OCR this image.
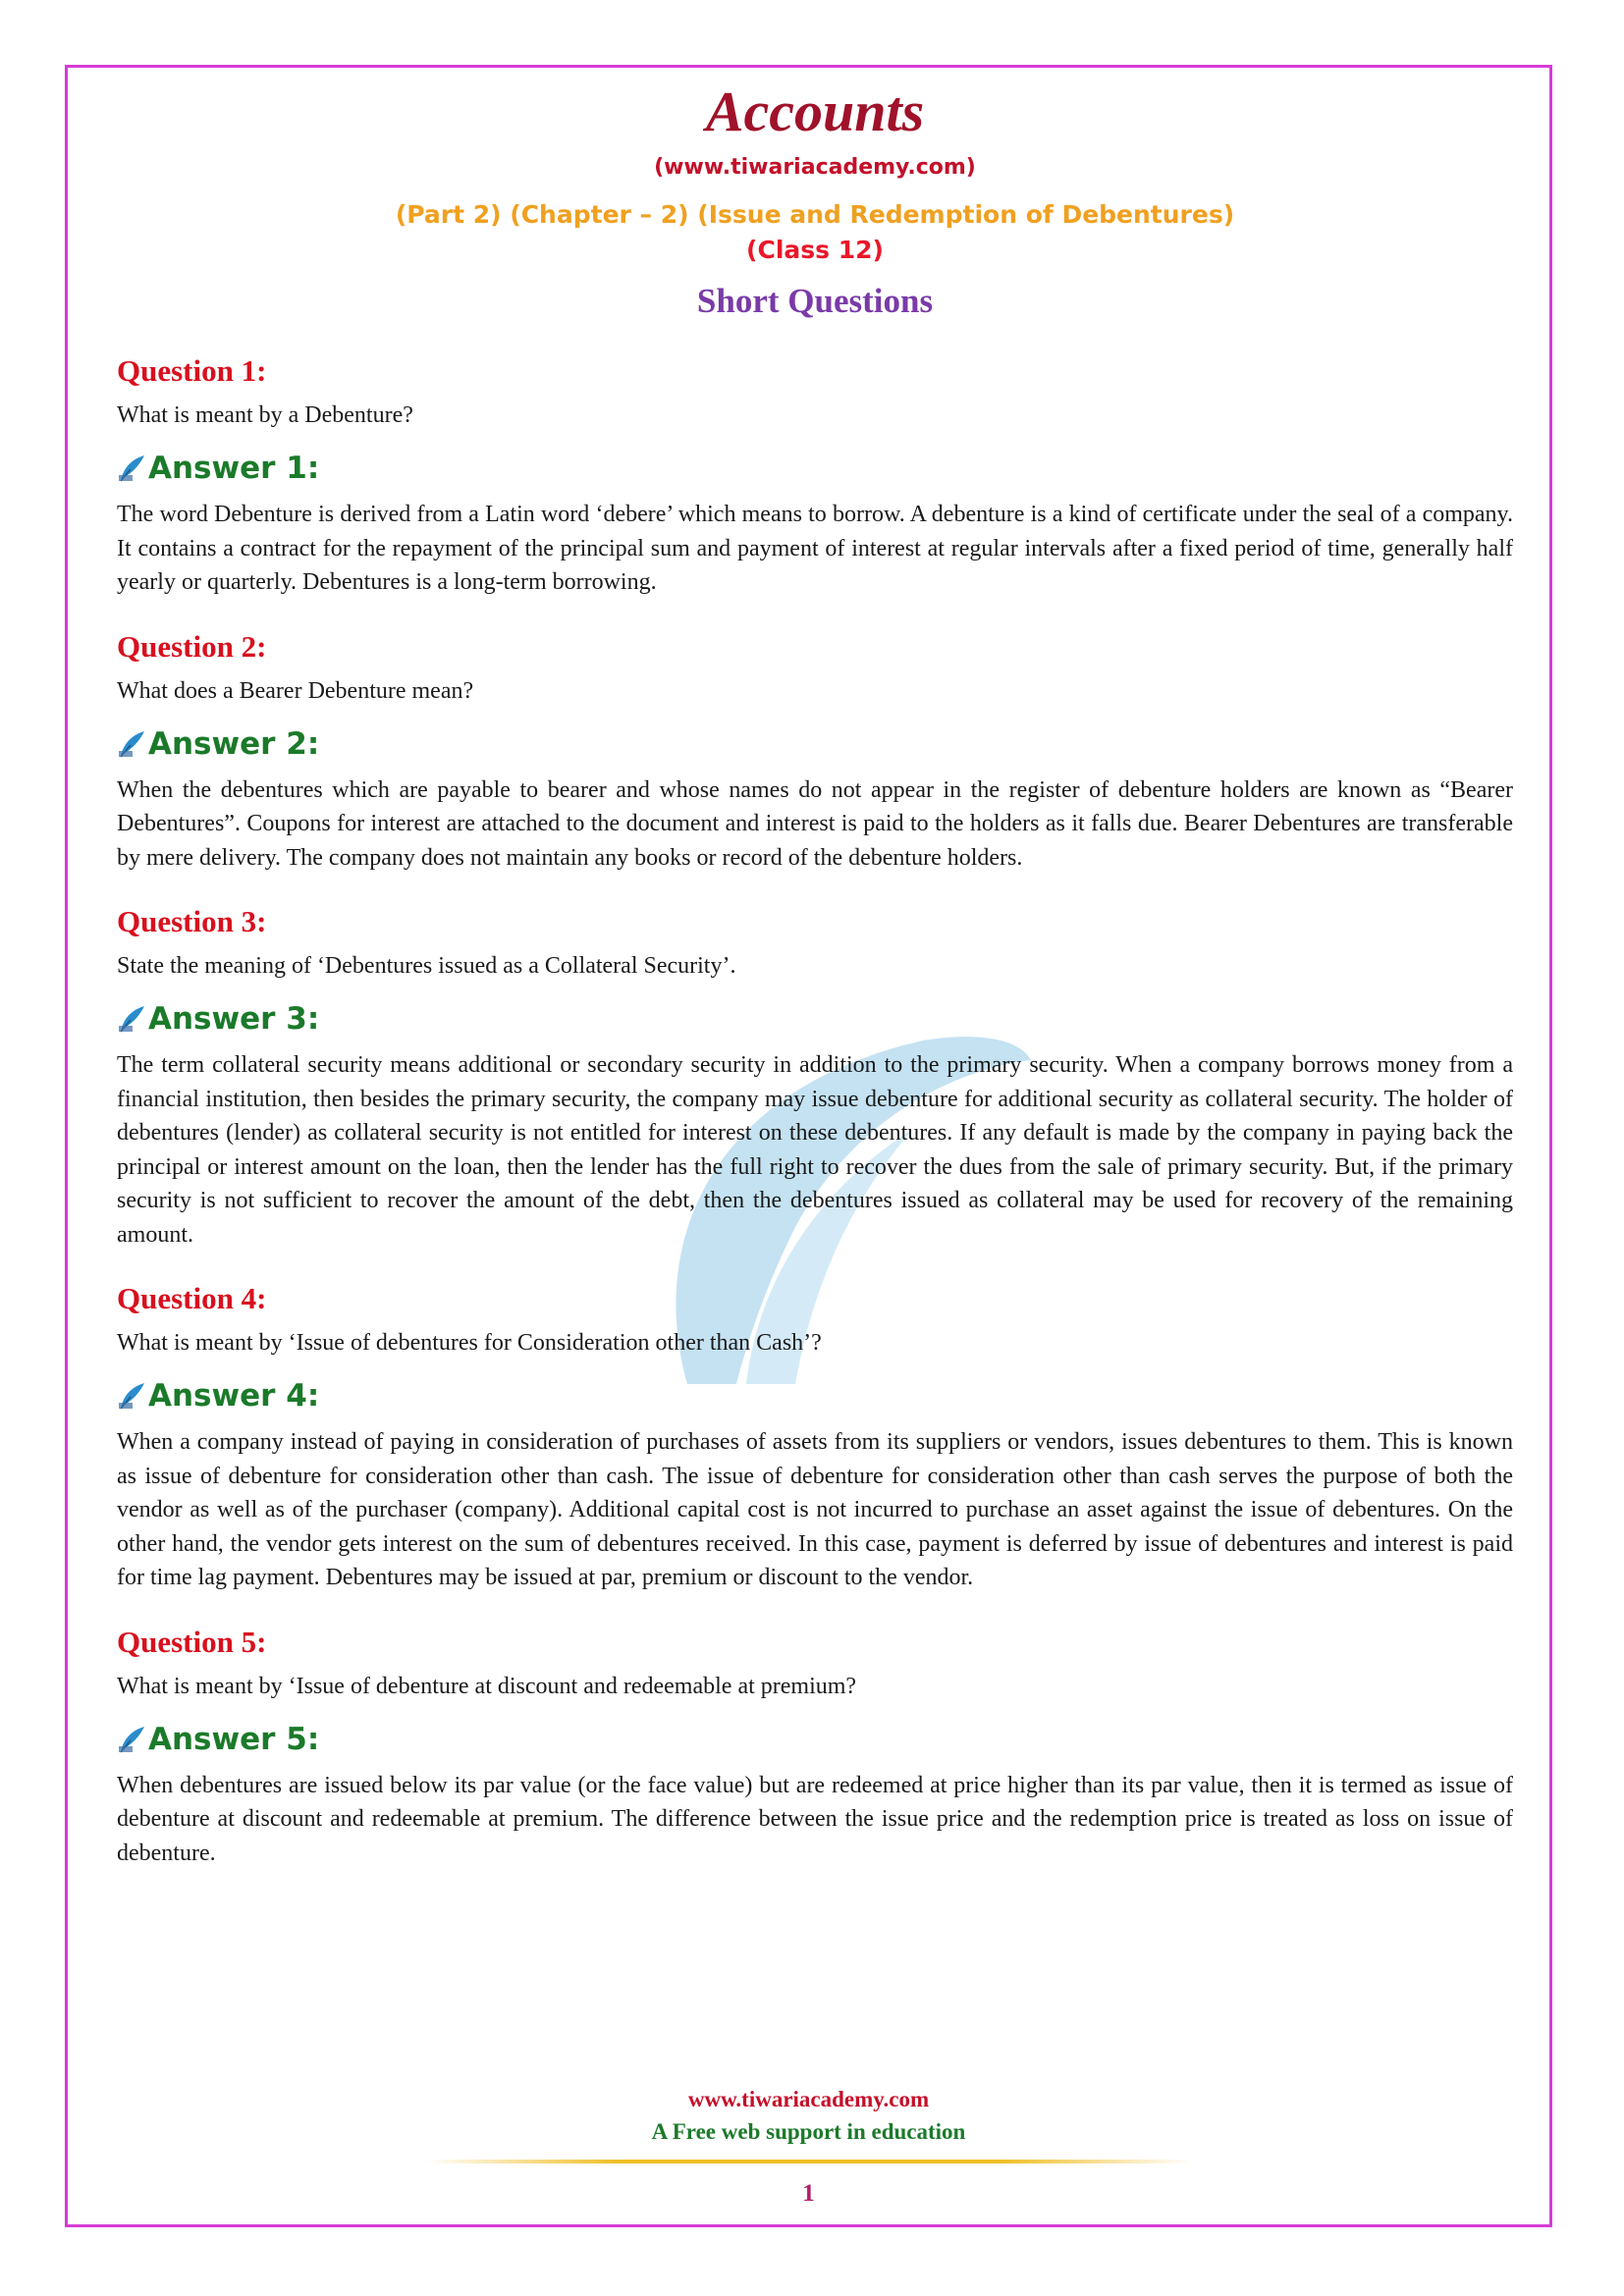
Accounts

(www.tiwariacademy.com)

(Part 2) (Chapter – 2) (Issue and Redemption of Debentures)

(Class 12)

Short Questions
Question 1:

What is meant by a Debenture?

Answer 1:

The word Debenture is derived from a Latin word ‘debere’ which means to borrow. A debenture is a kind of certificate under the seal of a company. It contains a contract for the repayment of the principal sum and payment of interest at regular intervals after a fixed period of time, generally half yearly or quarterly. Debentures is a long-term borrowing.

Question 2:

What does a Bearer Debenture mean?

Answer 2:

When the debentures which are payable to bearer and whose names do not appear in the register of debenture holders are known as “Bearer Debentures”. Coupons for interest are attached to the document and interest is paid to the holders as it falls due. Bearer Debentures are transferable by mere delivery. The company does not maintain any books or record of the debenture holders.

Question 3:

State the meaning of ‘Debentures issued as a Collateral Security’.

Answer 3:

The term collateral security means additional or secondary security in addition to the primary security. When a company borrows money from a financial institution, then besides the primary security, the company may issue debenture for additional security as collateral security. The holder of debentures (lender) as collateral security is not entitled for interest on these debentures. If any default is made by the company in paying back the principal or interest amount on the loan, then the lender has the full right to recover the dues from the sale of primary security. But, if the primary security is not sufficient to recover the amount of the debt, then the debentures issued as collateral may be used for recovery of the remaining amount.

Question 4:

What is meant by ‘Issue of debentures for Consideration other than Cash’?

Answer 4:

When a company instead of paying in consideration of purchases of assets from its suppliers or vendors, issues debentures to them. This is known as issue of debenture for consideration other than cash. The issue of debenture for consideration other than cash serves the purpose of both the vendor as well as of the purchaser (company). Additional capital cost is not incurred to purchase an asset against the issue of debentures. On the other hand, the vendor gets interest on the sum of debentures received. In this case, payment is deferred by issue of debentures and interest is paid for time lag payment. Debentures may be issued at par, premium or discount to the vendor.

Question 5:

What is meant by ‘Issue of debenture at discount and redeemable at premium?

Answer 5:

When debentures are issued below its par value (or the face value) but are redeemed at price higher than its par value, then it is termed as issue of debenture at discount and redeemable at premium. The difference between the issue price and the redemption price is treated as loss on issue of debenture.

www.tiwariacademy.com

A Free web support in education

1
